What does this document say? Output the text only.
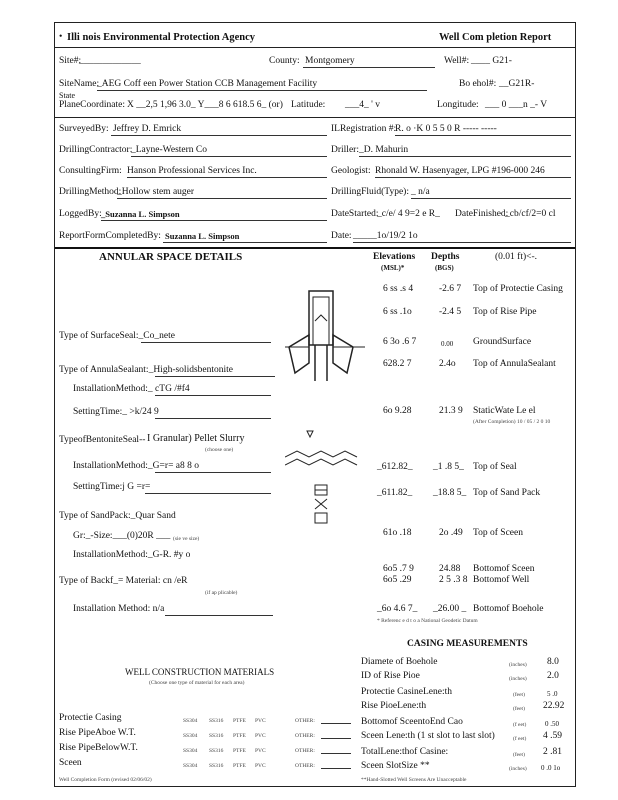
• Illi nois Environmental Protection Agency	Well Com pletion Report
Site#:
_____________	County: Montgomery	Well#: ____ G21-
SiteName:
_AEG Coff een Power Station CCB Management Facility	Bo ehol#: __G21R-
State
PlaneCoordinate: X __2,5 1,96 3.0_ Y___8 6 618.5 6_ (or) Latitude: ___4_ ' v	Longitude: ___ 0 ___n _- V
SurveyedBy: Jeffrey D. Emrick	ILRegistration #:
R. o ·K 0 5 5 0 R ----- -----
DrillingContractor:
_Layne-Western Co	Driller: _D. Mahurin
ConsultingFirm: Hanson Professional Services Inc.	Geologist: Rhonald W. Hasenyager, LPG #196-000 246
DrillingMethod:
_Hollow stem auger	DrillingFluid(Type): _ n/a
LoggedBy: _Suzanna L. Simpson	DateStarted:
_c/e/ 4 9=2 e R_ DateFinished:
_cb/cf/2=0 cl
ReportFormCompletedBy: Suzanna L. Simpson	Date: _____1o/19/2 1o
ANNULAR SPACE DETAILS	Elevations
(MSL)*
Depths
(BGS)
(0.01 ft)<-.
6 ss .s 4	-2.6 7 Top of Protectie Casing
6 ss .1o	-2.4 5 Top of Rise Pipe
6 3o .6 7	0.00 GroundSurface
628.2 7	2.4o Top of AnnulaSealant
6o 9.28	21.3 9 StaticWate Le el
(After Completion) 10 / 05 / 2 0 10
_612.82_ _1 .8 5_ Top of Seal
_611.82_ _18.8 5_ Top of Sand Pack
61o .18	2o .49 Top of Sceen
6o5 .7 9	24.88 Bottomof Sceen
6o5 .29	2 5 .3 8 Bottomof Well
_6o 4.6 7_ _26.00 _ Bottomof Boehole
* Referenc e d t o a National Geodetic Datum
Type of SurfaceSeal:_Co_nete
Type of AnnulaSealant:_High-solidsbentonite
InstallationMethod:_ cTG /#f4
SettingTime:_ >k/24 9
TypeofBentoniteSeal-- I Granular) Pellet Slurry
(choose one)
InstallationMethod:_G=r= a8 8 o
SettingTime:j G =r=
Type of SandPack:_Quar Sand
Gr:_-Size:___(0)20R ___ (sie ve size)
InstallationMethod:_G-R. #y o
Type of Backf_= Material: cn /eR
(if ap plicable)
Installation Method: n/a
CASING MEASUREMENTS
Diamete of Boehole	(inches) 8.0
ID of Rise Pioe	(inches) 2.0
Protectie CasineLene:th	(feet)	5 .0
Rise PioeLene:th	(feet) 22.92
Bottomof SceentoEnd Cao	(f eet)	0 .50
Sceen Lene:th (1 st slot to last slot)	(f eet) 4 .59
TotalLene:thof Casine:	(feet) 2 .81
Sceen SlotSize **	(inches) 0 .0 1o
WELL CONSTRUCTION MATERIALS
(Choose one type of material for each area)
Protectie Casing	SS304 SS316 PTFE PVC	OTHER:
Rise PipeAboe W.T.	SS304 SS316 PTFE PVC	OTHER:
Rise PipeBelowW.T.	SS304 SS316 PTFE PVC	OTHER:
Sceen	SS304 SS316 PTFE PVC	OTHER:
Well Completion Form (revised 02/06/02)	**Hand-Slotted Well Screens Are Unacceptable
